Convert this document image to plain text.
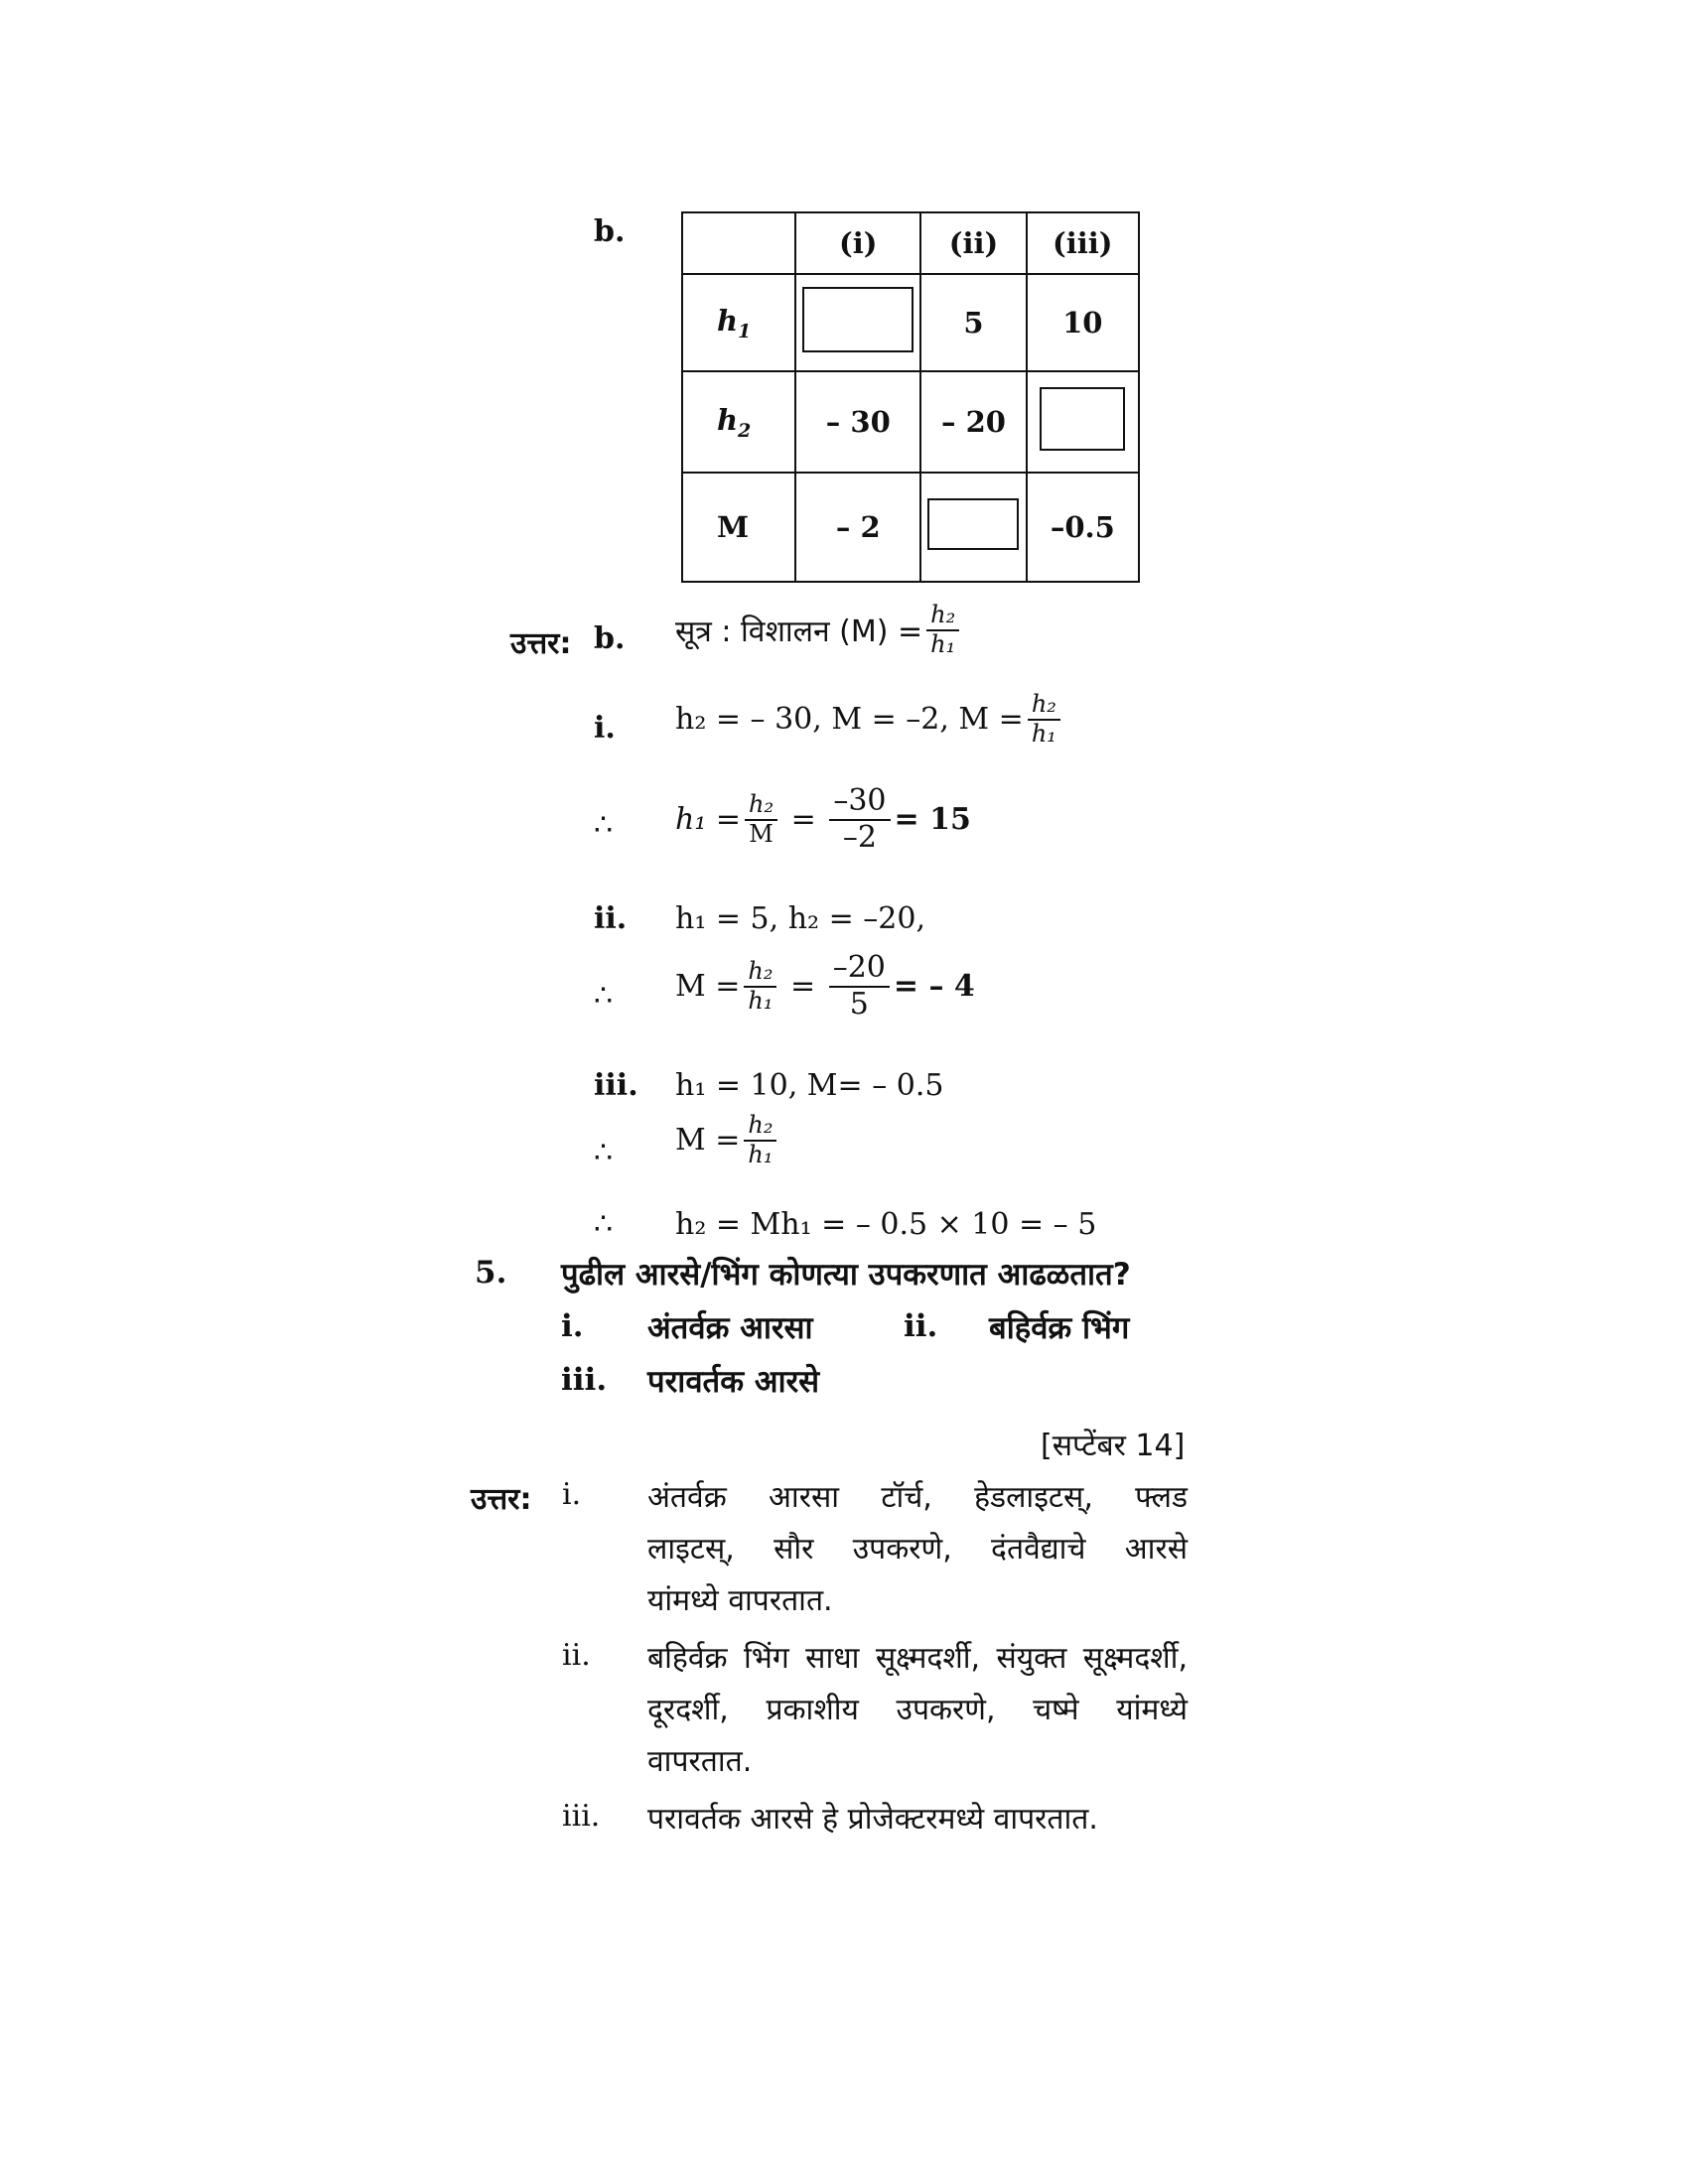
b.
		(i)	(ii)	(iii)
$h_1$		5	10
$h_2$	– 30	– 20	
M	– 2		–0.5
उत्तर: b. सूत्र : विशालन $(M) = \frac{\text{h₂}}{\text{h₁}}$
i. h₂ = – 30, M = –2, $M = \frac{\text{h₂}}{\text{h₁}}$
∴ $h_1 = \frac{\text{h₂}}{M} = \frac{-30}{-2} = 15$
ii. h₁ = 5, h₂ = –20,
∴ $M = \frac{\text{h₂}}{\text{h₁}} = \frac{-20}{5}$ = – 4
iii. h₁ = 10, M= – 0.5
∴ $M = \frac{\text{h₂}}{\text{h₁}}$
∴ h₂ = Mh₁ = – 0.5 × 10 = – 5
5. पुढील आरसे/भिंग कोणत्या उपकरणात आढळतात?
i. अंतर्वक्र आरसा	ii. बहिर्वक्र भिंग
iii. परावर्तक आरसे
[सप्टेंबर 14]
उत्तर: i. अंतर्वक्र आरसा टॉर्च, हेडलाइटस्, फ्लड
लाइटस्, सौर उपकरणे, दंतवैद्याचे आरसे
यांमध्ये वापरतात.
ii. बहिर्वक्र भिंग साधा सूक्ष्मदर्शी, संयुक्त सूक्ष्मदर्शी,
दूरदर्शी, प्रकाशीय उपकरणे, चष्मे यांमध्ये
वापरतात.
iii. परावर्तक आरसे हे प्रोजेक्टरमध्ये वापरतात.
